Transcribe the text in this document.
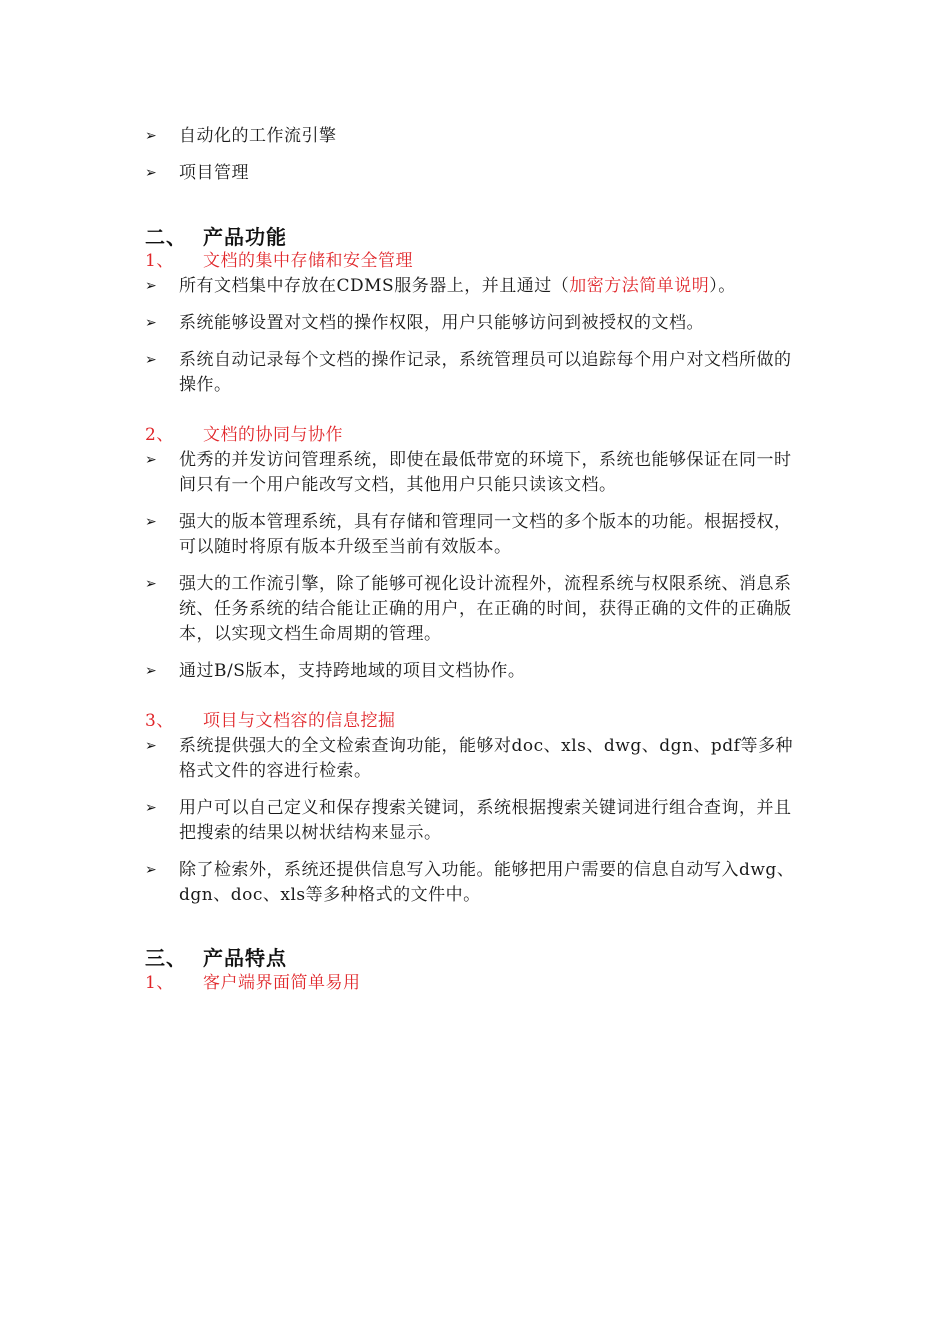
➢	自动化的工作流引擎
➢	项目管理
二、 产品功能
1、 文档的集中存储和安全管理
➢	所有文档集中存放在CDMS服务器上，并且通过（加密方法简单说明）。
➢	系统能够设置对文档的操作权限，用户只能够访问到被授权的文档。
➢	系统自动记录每个文档的操作记录，系统管理员可以追踪每个用户对文档所做的操作。
2、 文档的协同与协作
➢	优秀的并发访问管理系统，即使在最低带宽的环境下，系统也能够保证在同一时间只有一个用户能改写文档，其他用户只能只读该文档。
➢	强大的版本管理系统，具有存储和管理同一文档的多个版本的功能。根据授权，可以随时将原有版本升级至当前有效版本。
➢	强大的工作流引擎，除了能够可视化设计流程外，流程系统与权限系统、消息系统、任务系统的结合能让正确的用户，在正确的时间，获得正确的文件的正确版本，以实现文档生命周期的管理。
➢	通过B/S版本，支持跨地域的项目文档协作。
3、 项目与文档容的信息挖掘
➢	系统提供强大的全文检索查询功能，能够对doc、xls、dwg、dgn、pdf等多种格式文件的容进行检索。
➢	用户可以自己定义和保存搜索关键词，系统根据搜索关键词进行组合查询，并且把搜索的结果以树状结构来显示。
➢	除了检索外，系统还提供信息写入功能。能够把用户需要的信息自动写入dwg、dgn、doc、xls等多种格式的文件中。
三、 产品特点
1、 客户端界面简单易用
